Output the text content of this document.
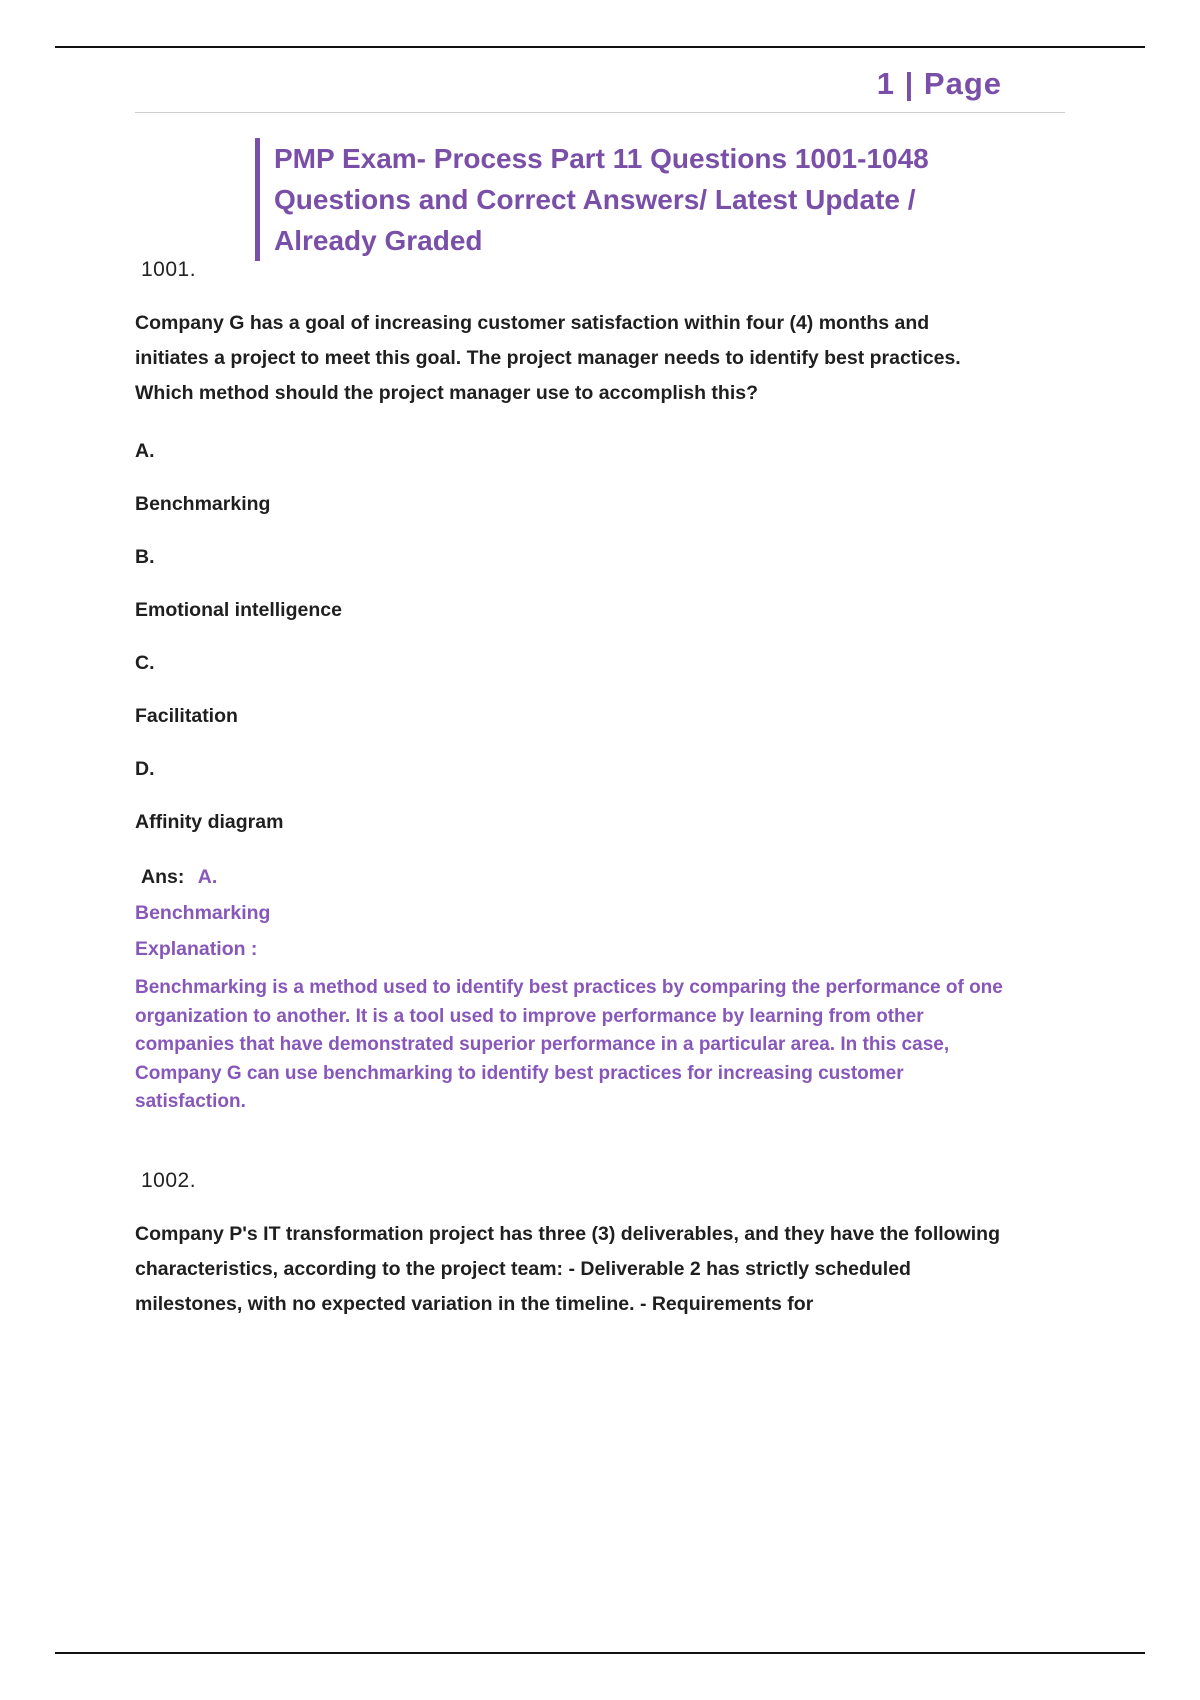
1 | Page
PMP Exam- Process Part 11 Questions 1001-1048 Questions and Correct Answers/ Latest Update / Already Graded

1001.

Company G has a goal of increasing customer satisfaction within four (4) months and initiates a project to meet this goal. The project manager needs to identify best practices. Which method should the project manager use to accomplish this?

A.

Benchmarking

B.

Emotional intelligence

C.

Facilitation

D.

Affinity diagram

Ans: A.

Benchmarking

Explanation :

Benchmarking is a method used to identify best practices by comparing the performance of one organization to another. It is a tool used to improve performance by learning from other companies that have demonstrated superior performance in a particular area. In this case, Company G can use benchmarking to identify best practices for increasing customer satisfaction.

1002.

Company P's IT transformation project has three (3) deliverables, and they have the following characteristics, according to the project team: - Deliverable 2 has strictly scheduled milestones, with no expected variation in the timeline. - Requirements for
